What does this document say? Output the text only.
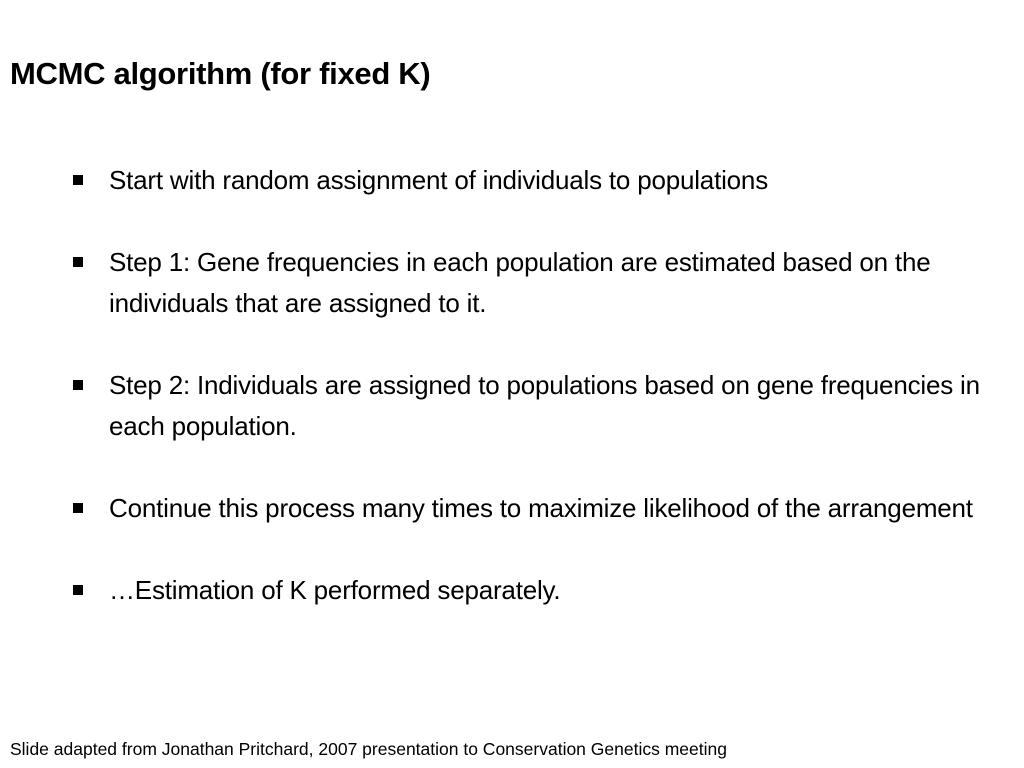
MCMC algorithm (for fixed K)
Start with random assignment of individuals to populations
Step 1: Gene frequencies in each population are estimated based on the individuals that are assigned to it.
Step 2: Individuals are assigned to populations based on gene frequencies in each population.
Continue this process many times to maximize likelihood of the arrangement
…Estimation of K performed separately.

Slide adapted from Jonathan Pritchard, 2007 presentation to Conservation Genetics meeting
